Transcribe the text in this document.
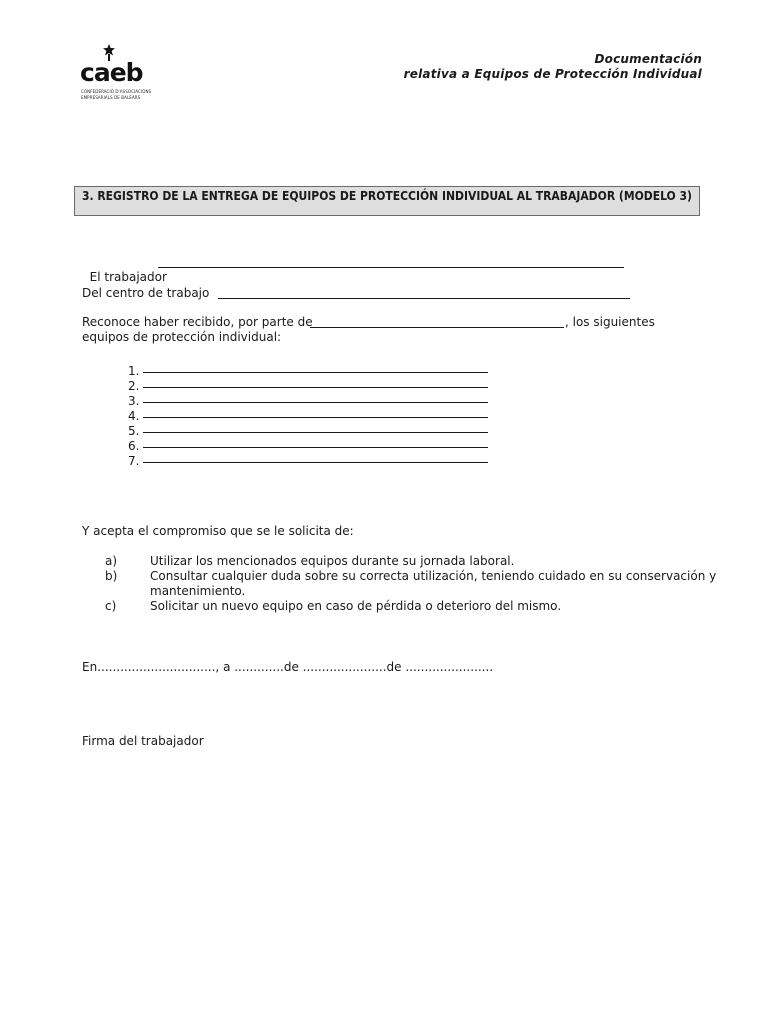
caeb
CONFEDERACIÓ D'ASSOCIACIONS
EMPRESARIALS DE BALEARS
Documentación
relativa a Equipos de Protección Individual
3. REGISTRO DE LA ENTREGA DE EQUIPOS DE PROTECCIÓN INDIVIDUAL AL TRABAJADOR (MODELO 3)

El trabajador

Del centro de trabajo
Reconoce haber recibido, por parte de	, los siguientes
equipos de protección individual:
1.
2.
3.
4.
5.
6.
7.
Y acepta el compromiso que se le solicita de:
a)	Utilizar los mencionados equipos durante su jornada laboral.
b)	Consultar cualquier duda sobre su correcta utilización, teniendo cuidado en su conservación y
mantenimiento.
c)	Solicitar un nuevo equipo en caso de pérdida o deterioro del mismo.
En..............................., a .............de ......................de .......................
Firma del trabajador
